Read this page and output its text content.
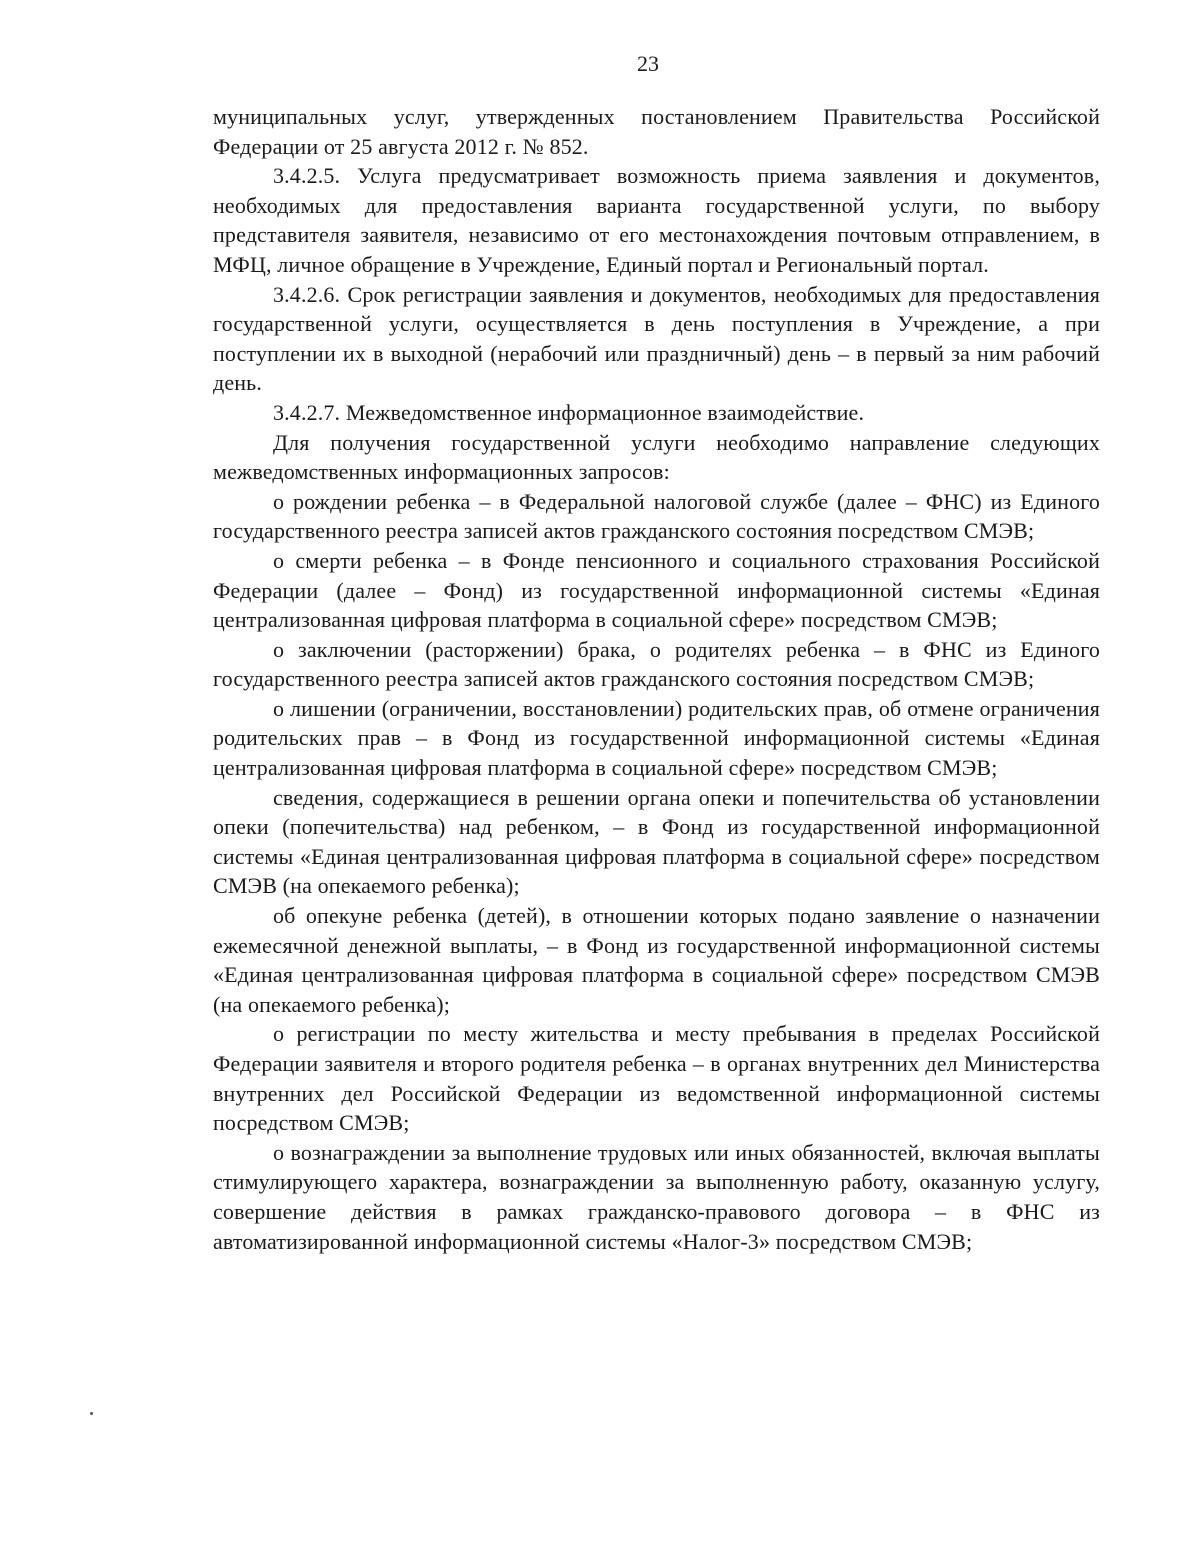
23

муниципальных услуг, утвержденных постановлением Правительства Российской Федерации от 25 августа 2012 г. № 852.

3.4.2.5. Услуга предусматривает возможность приема заявления и документов, необходимых для предоставления варианта государственной услуги, по выбору представителя заявителя, независимо от его местонахождения почтовым отправлением, в МФЦ, личное обращение в Учреждение, Единый портал и Региональный портал.

3.4.2.6. Срок регистрации заявления и документов, необходимых для предоставления государственной услуги, осуществляется в день поступления в Учреждение, а при поступлении их в выходной (нерабочий или праздничный) день – в первый за ним рабочий день.

3.4.2.7. Межведомственное информационное взаимодействие.

Для получения государственной услуги необходимо направление следующих межведомственных информационных запросов:

о рождении ребенка – в Федеральной налоговой службе (далее – ФНС) из Единого государственного реестра записей актов гражданского состояния посредством СМЭВ;

о смерти ребенка – в Фонде пенсионного и социального страхования Российской Федерации (далее – Фонд) из государственной информационной системы «Единая централизованная цифровая платформа в социальной сфере» посредством СМЭВ;

о заключении (расторжении) брака, о родителях ребенка – в ФНС из Единого государственного реестра записей актов гражданского состояния посредством СМЭВ;

о лишении (ограничении, восстановлении) родительских прав, об отмене ограничения родительских прав – в Фонд из государственной информационной системы «Единая централизованная цифровая платформа в социальной сфере» посредством СМЭВ;

сведения, содержащиеся в решении органа опеки и попечительства об установлении опеки (попечительства) над ребенком, – в Фонд из государственной информационной системы «Единая централизованная цифровая платформа в социальной сфере» посредством СМЭВ (на опекаемого ребенка);

об опекуне ребенка (детей), в отношении которых подано заявление о назначении ежемесячной денежной выплаты, – в Фонд из государственной информационной системы «Единая централизованная цифровая платформа в социальной сфере» посредством СМЭВ (на опекаемого ребенка);

о регистрации по месту жительства и месту пребывания в пределах Российской Федерации заявителя и второго родителя ребенка – в органах внутренних дел Министерства внутренних дел Российской Федерации из ведомственной информационной системы посредством СМЭВ;

о вознаграждении за выполнение трудовых или иных обязанностей, включая выплаты стимулирующего характера, вознаграждении за выполненную работу, оказанную услугу, совершение действия в рамках гражданско-правового договора – в ФНС из автоматизированной информационной системы «Налог-3» посредством СМЭВ;
